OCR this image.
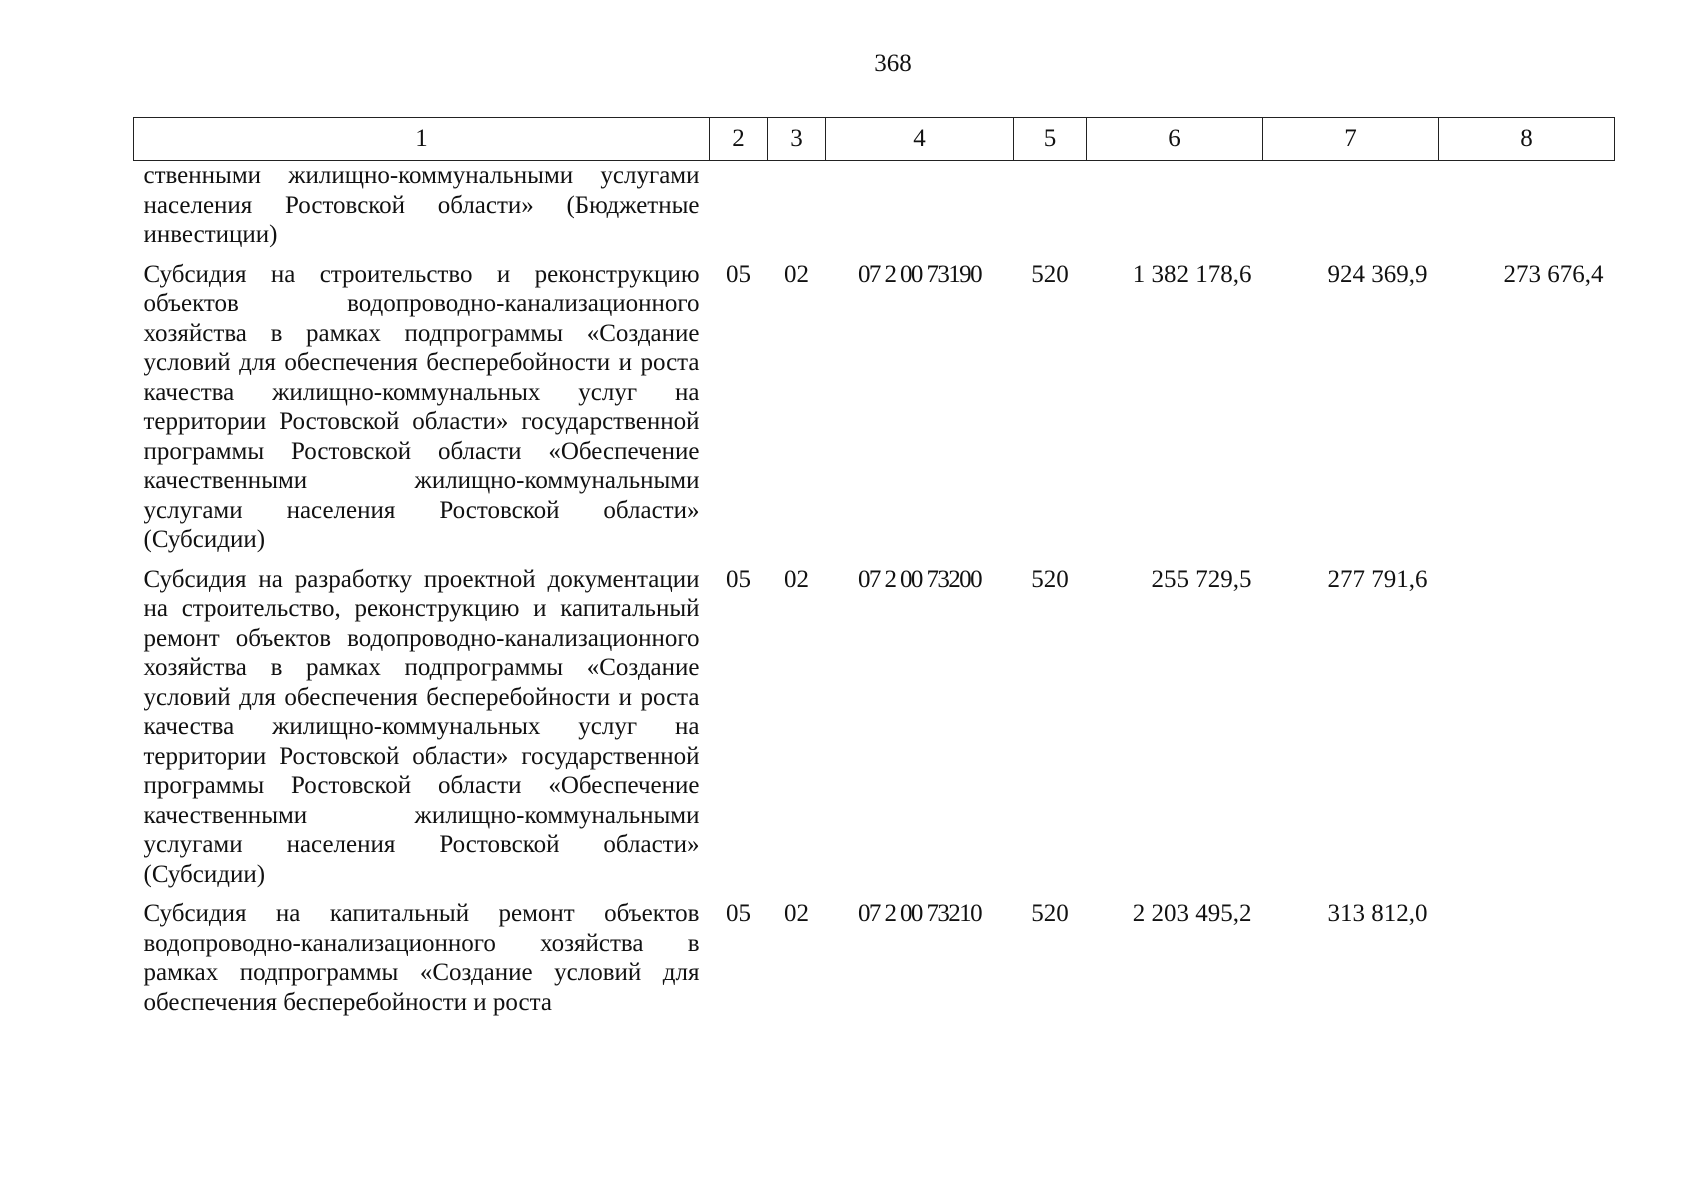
368
1	2	3	4	5	6	7	8
ственными жилищно-коммунальными услугами населения Ростовской области» (Бюджетные инвестиции)							
Субсидия на строительство и реконструкцию объектов водопроводно-канализационного хозяйства в рамках подпрограммы «Создание условий для обеспечения бесперебойности и роста качества жилищно-коммунальных услуг на территории Ростовской области» государственной программы Ростовской области «Обеспечение качественными жилищно-коммунальными услугами населения Ростовской области» (Субсидии)	05	02	07 2 00 73190	520	1 382 178,6	924 369,9	273 676,4
Субсидия на разработку проектной документации на строительство, реконструкцию и капитальный ремонт объектов водопроводно-канализационного хозяйства в рамках подпрограммы «Создание условий для обеспечения бесперебойности и роста качества жилищно-коммунальных услуг на территории Ростовской области» государственной программы Ростовской области «Обеспечение качественными жилищно-коммунальными услугами населения Ростовской области» (Субсидии)	05	02	07 2 00 73200	520	255 729,5	277 791,6	
Субсидия на капитальный ремонт объектов водопроводно-канализационного хозяйства в рамках подпрограммы «Создание условий для обеспечения бесперебойности и роста	05	02	07 2 00 73210	520	2 203 495,2	313 812,0	
